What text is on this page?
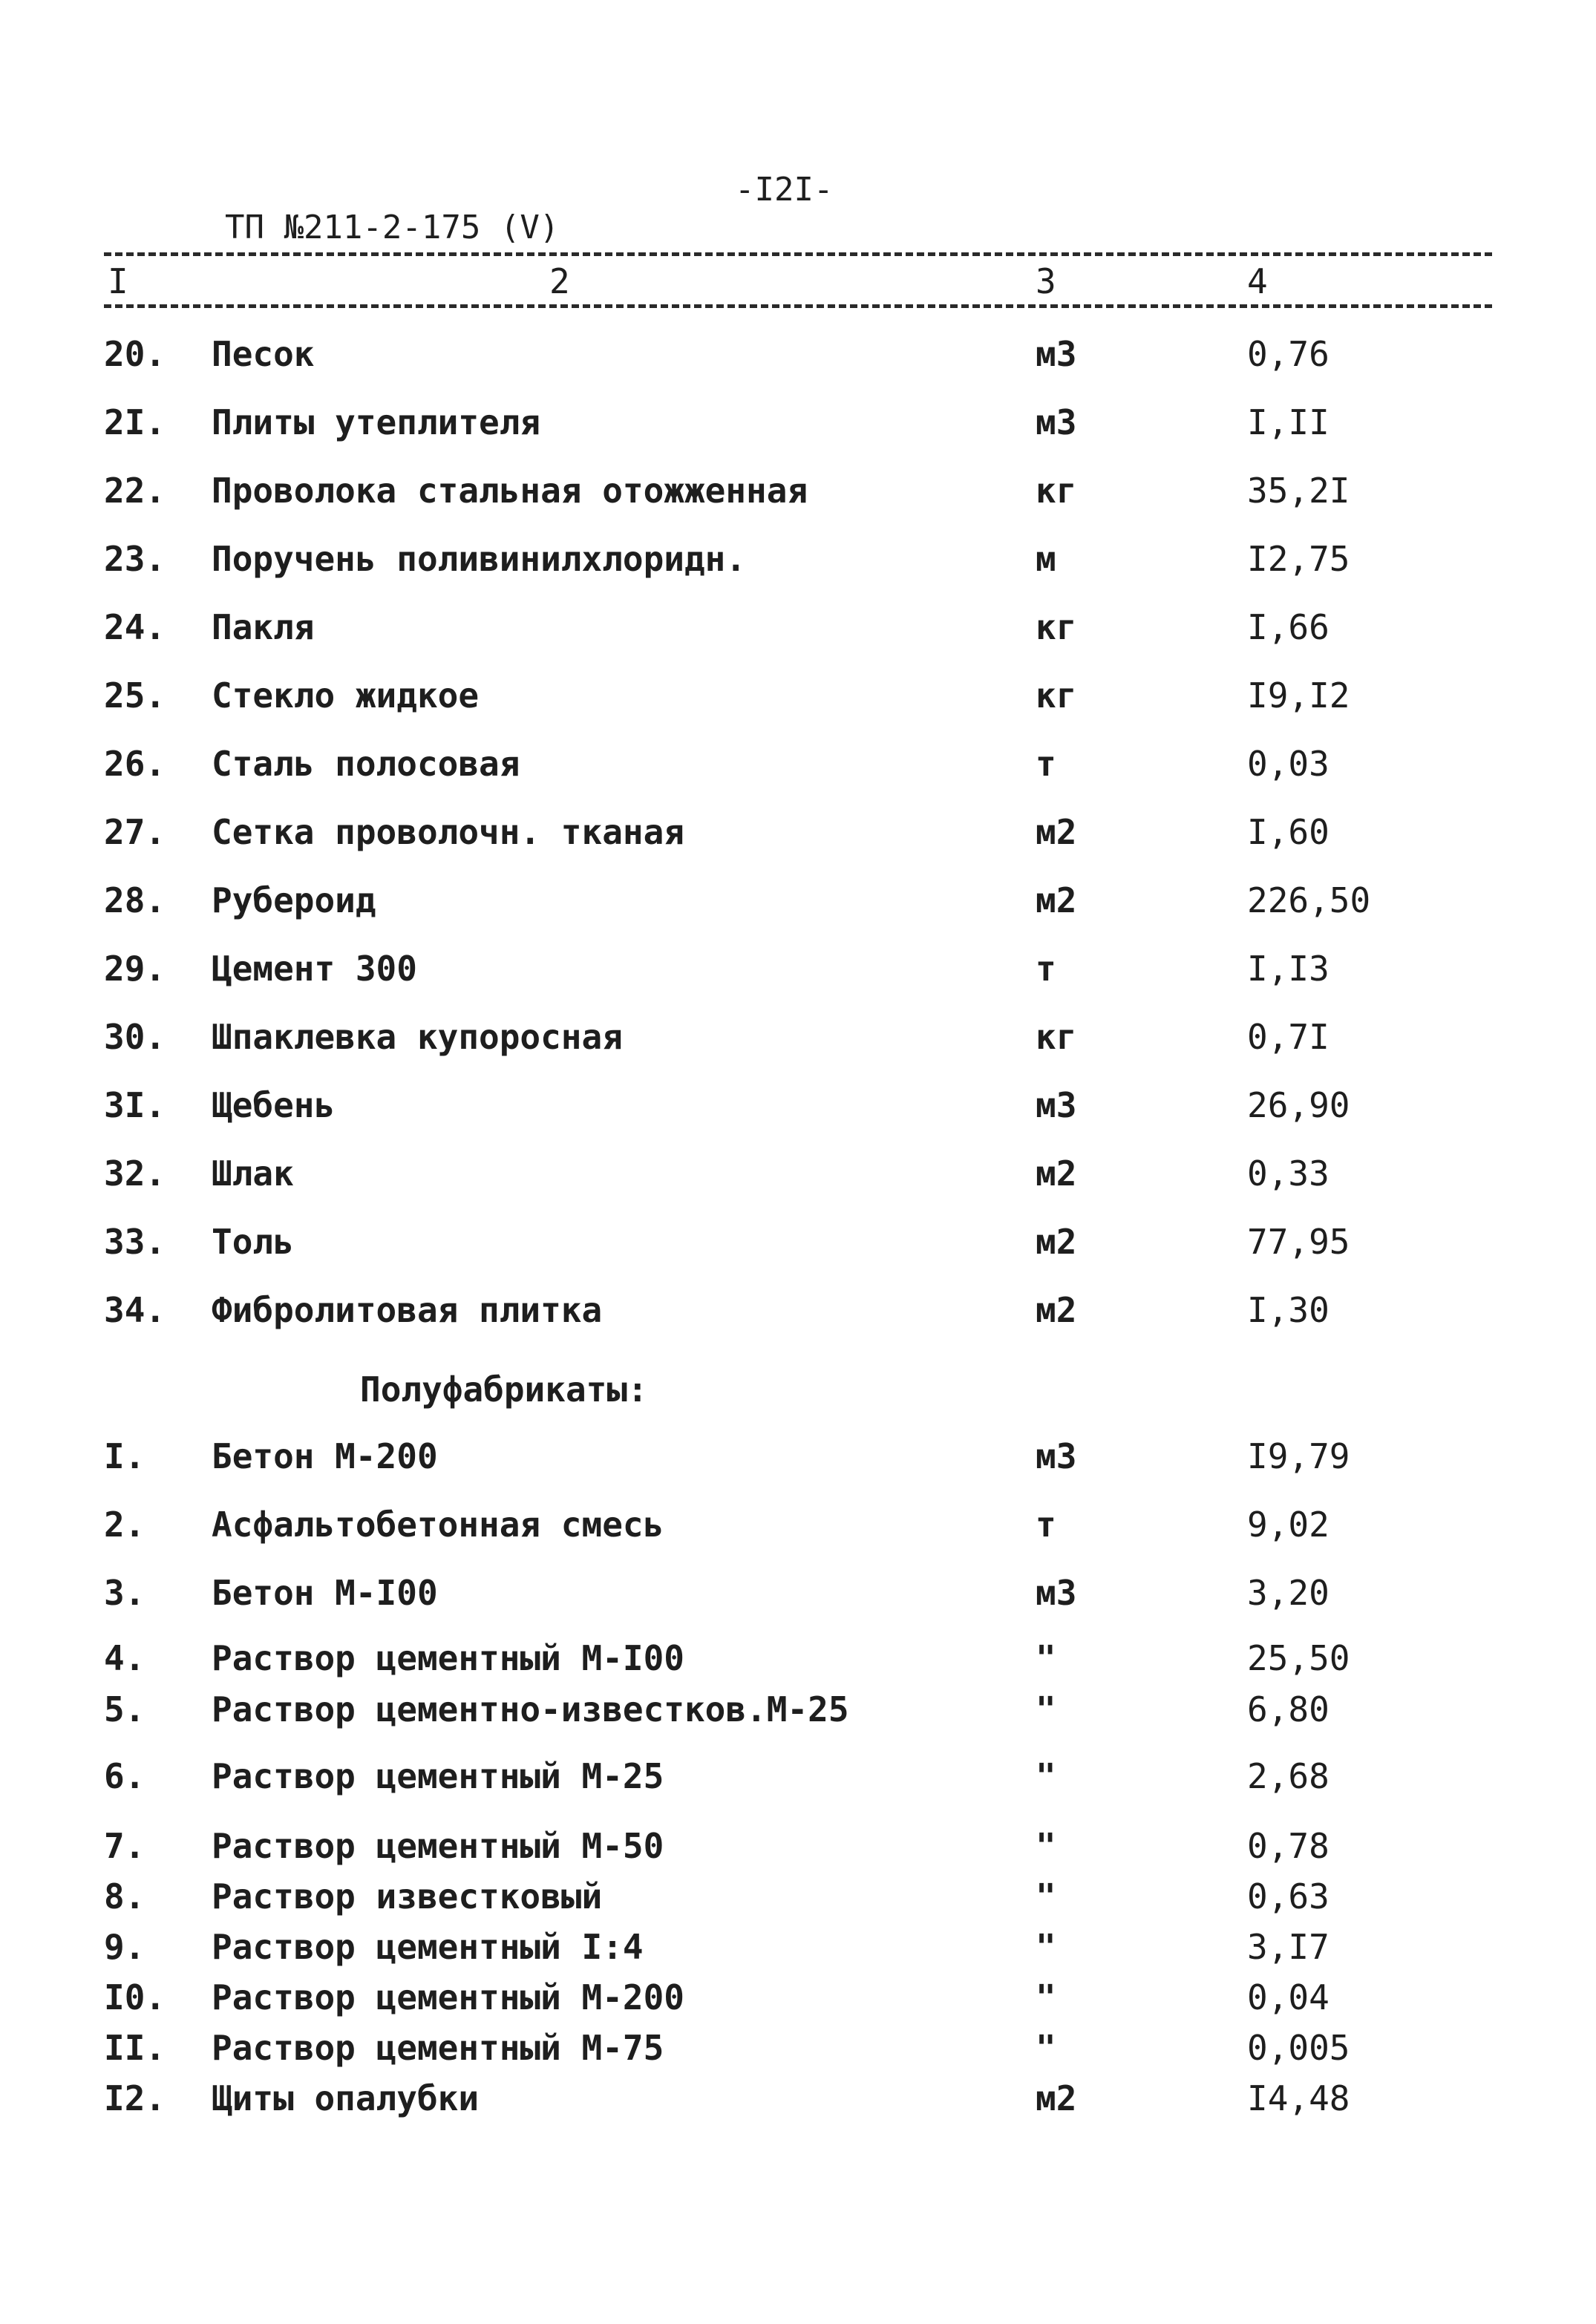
ТП №211-2-175 (V)

-I2I-

I	2	3	4
20. Песок	м3	0,76
2I. Плиты утеплителя	м3	I,II
22. Проволока стальная отожженная	кг	35,2I
23. Поручень поливинилхлоридн.	м	I2,75
24. Пакля	кг	I,66
25. Стекло жидкое	кг	I9,I2
26. Сталь полосовая	т	0,03
27. Сетка проволочн. тканая	м2	I,60
28. Рубероид	м2	226,50
29. Цемент 300	т	I,I3
30. Шпаклевка купоросная	кг	0,7I
3I. Щебень	м3	26,90
32. Шлак	м2	0,33
33. Толь	м2	77,95
34. Фибролитовая плитка	м2	I,30
Полуфабрикаты:
I. Бетон М-200	м3	I9,79
2. Асфальтобетонная смесь	т	9,02
3. Бетон М-I00	м3	3,20
4. Раствор цементный М-I00	"	25,50
5. Раствор цементно-известков.М-25	"	6,80
6. Раствор цементный М-25	"	2,68
7. Раствор цементный М-50	"	0,78
8. Раствор известковый	"	0,63
9. Раствор цементный I:4	"	3,I7
I0. Раствор цементный М-200	"	0,04
II. Раствор цементный М-75	"	0,005
I2. Щиты опалубки	м2	I4,48
